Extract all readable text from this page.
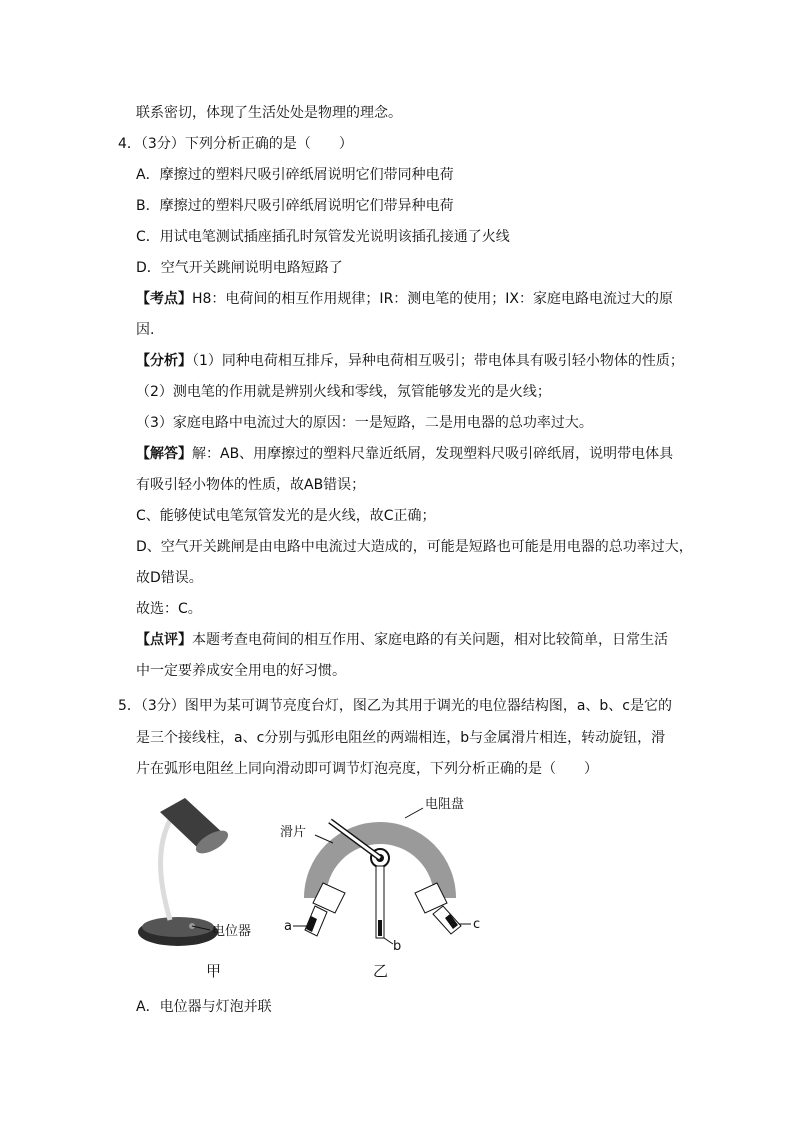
联系密切，体现了生活处处是物理的理念。
4．（3分）下列分析正确的是（　　）
A．摩擦过的塑料尺吸引碎纸屑说明它们带同种电荷
B．摩擦过的塑料尺吸引碎纸屑说明它们带异种电荷
C．用试电笔测试插座插孔时氖管发光说明该插孔接通了火线
D．空气开关跳闸说明电路短路了
【考点】H8：电荷间的相互作用规律；IR：测电笔的使用；IX：家庭电路电流过大的原
因.
【分析】（1）同种电荷相互排斥，异种电荷相互吸引；带电体具有吸引轻小物体的性质；
（2）测电笔的作用就是辨别火线和零线，氖管能够发光的是火线；
（3）家庭电路中电流过大的原因：一是短路，二是用电器的总功率过大。
【解答】解：AB、用摩擦过的塑料尺靠近纸屑，发现塑料尺吸引碎纸屑，说明带电体具
有吸引轻小物体的性质，故AB错误；
C、能够使试电笔氖管发光的是火线，故C正确；
D、空气开关跳闸是由电路中电流过大造成的，可能是短路也可能是用电器的总功率过大，
故D错误。
故选：C。
【点评】本题考查电荷间的相互作用、家庭电路的有关问题，相对比较简单，日常生活
中一定要养成安全用电的好习惯。
5．（3分）图甲为某可调节亮度台灯，图乙为其用于调光的电位器结构图，a、b、c是它的
是三个接线柱，a、c分别与弧形电阻丝的两端相连，b与金属滑片相连，转动旋钮，滑
片在弧形电阻丝上同向滑动即可调节灯泡亮度，下列分析正确的是（　　）
电位器
甲
滑片
电阻盘
a
b
c
乙
A．电位器与灯泡并联
